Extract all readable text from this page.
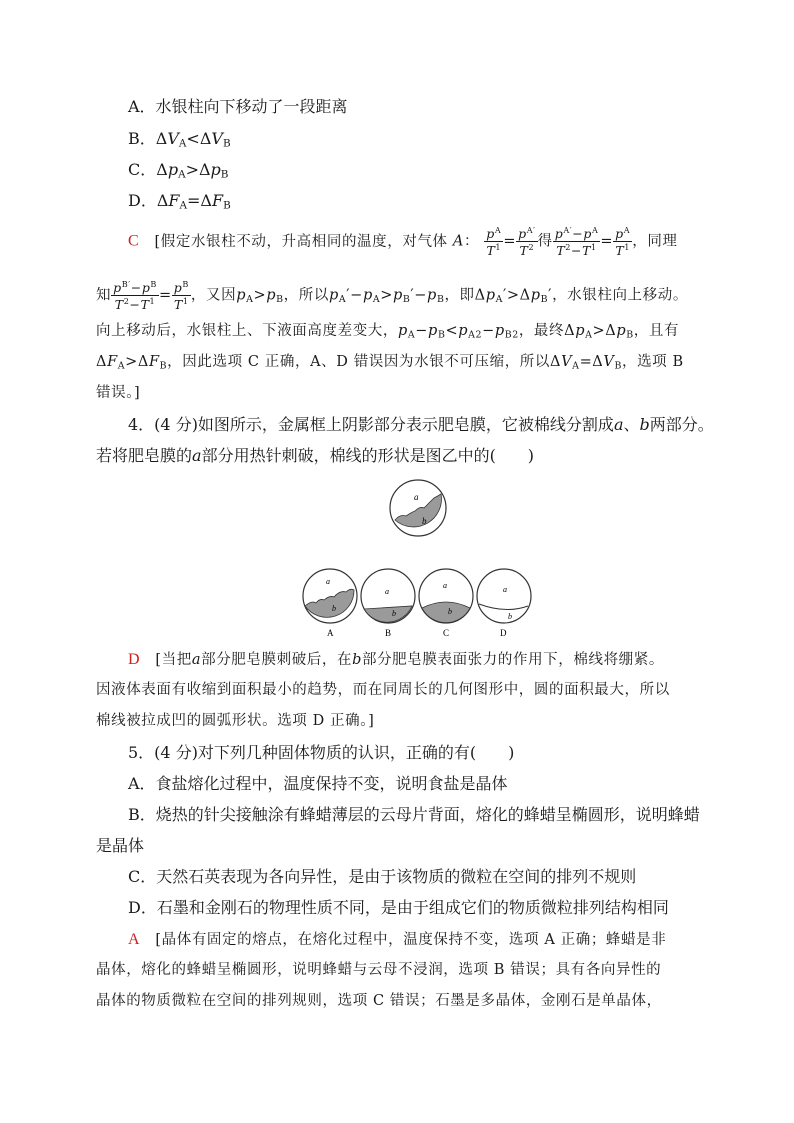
A．水银柱向下移动了一段距离
B．$\Delta V_A<\Delta V_B$
C．$\Delta p_A>\Delta p_B$
D．$\Delta F_A=\Delta F_B$
C [假定水银柱不动，升高相同的温度，对气体 A： $\frac{p^A}{T^1} = \frac{p^{A'}}{T^2}$ 得 $\frac{p^{A'}-p^A}{T^2-T^1} = \frac{p^A}{T^1}$ ，同理
知 $\frac{p^{B'}-p^B}{T^2-T^1} = \frac{p^B}{T^1}$ ，又因$p_A>p_B$，所以$p_A'-p_A>p_B'-p_B$，即$\Delta p_A'>\Delta p_B'$，水银柱向上移动。
向上移动后，水银柱上、下液面高度差变大，$p_A-p_B<p_{A2}-p_{B2}$，最终$\Delta p_A>\Delta p_B$，且有
$\Delta F_A>\Delta F_B$，因此选项 C 正确，A、D 错误因为水银不可压缩，所以$\Delta V_A=\Delta V_B$，选项 B
错误。]
4．(4 分)如图所示，金属框上阴影部分表示肥皂膜，它被棉线分割成a、b两部分。
若将肥皂膜的a部分用热针刺破，棉线的形状是图乙中的(　　)
a
b
a
b
A
a
b
B
a
b
C
a
b
D
D [当把a部分肥皂膜刺破后，在b部分肥皂膜表面张力的作用下，棉线将绷紧。
因液体表面有收缩到面积最小的趋势，而在同周长的几何图形中，圆的面积最大，所以
棉线被拉成凹的圆弧形状。选项 D 正确。]
5．(4 分)对下列几种固体物质的认识，正确的有(　　)
A．食盐熔化过程中，温度保持不变，说明食盐是晶体
B．烧热的针尖接触涂有蜂蜡薄层的云母片背面，熔化的蜂蜡呈椭圆形，说明蜂蜡
是晶体
C．天然石英表现为各向异性，是由于该物质的微粒在空间的排列不规则
D．石墨和金刚石的物理性质不同，是由于组成它们的物质微粒排列结构相同
A [晶体有固定的熔点，在熔化过程中，温度保持不变，选项 A 正确；蜂蜡是非
晶体，熔化的蜂蜡呈椭圆形，说明蜂蜡与云母不浸润，选项 B 错误；具有各向异性的
晶体的物质微粒在空间的排列规则，选项 C 错误；石墨是多晶体，金刚石是单晶体，
